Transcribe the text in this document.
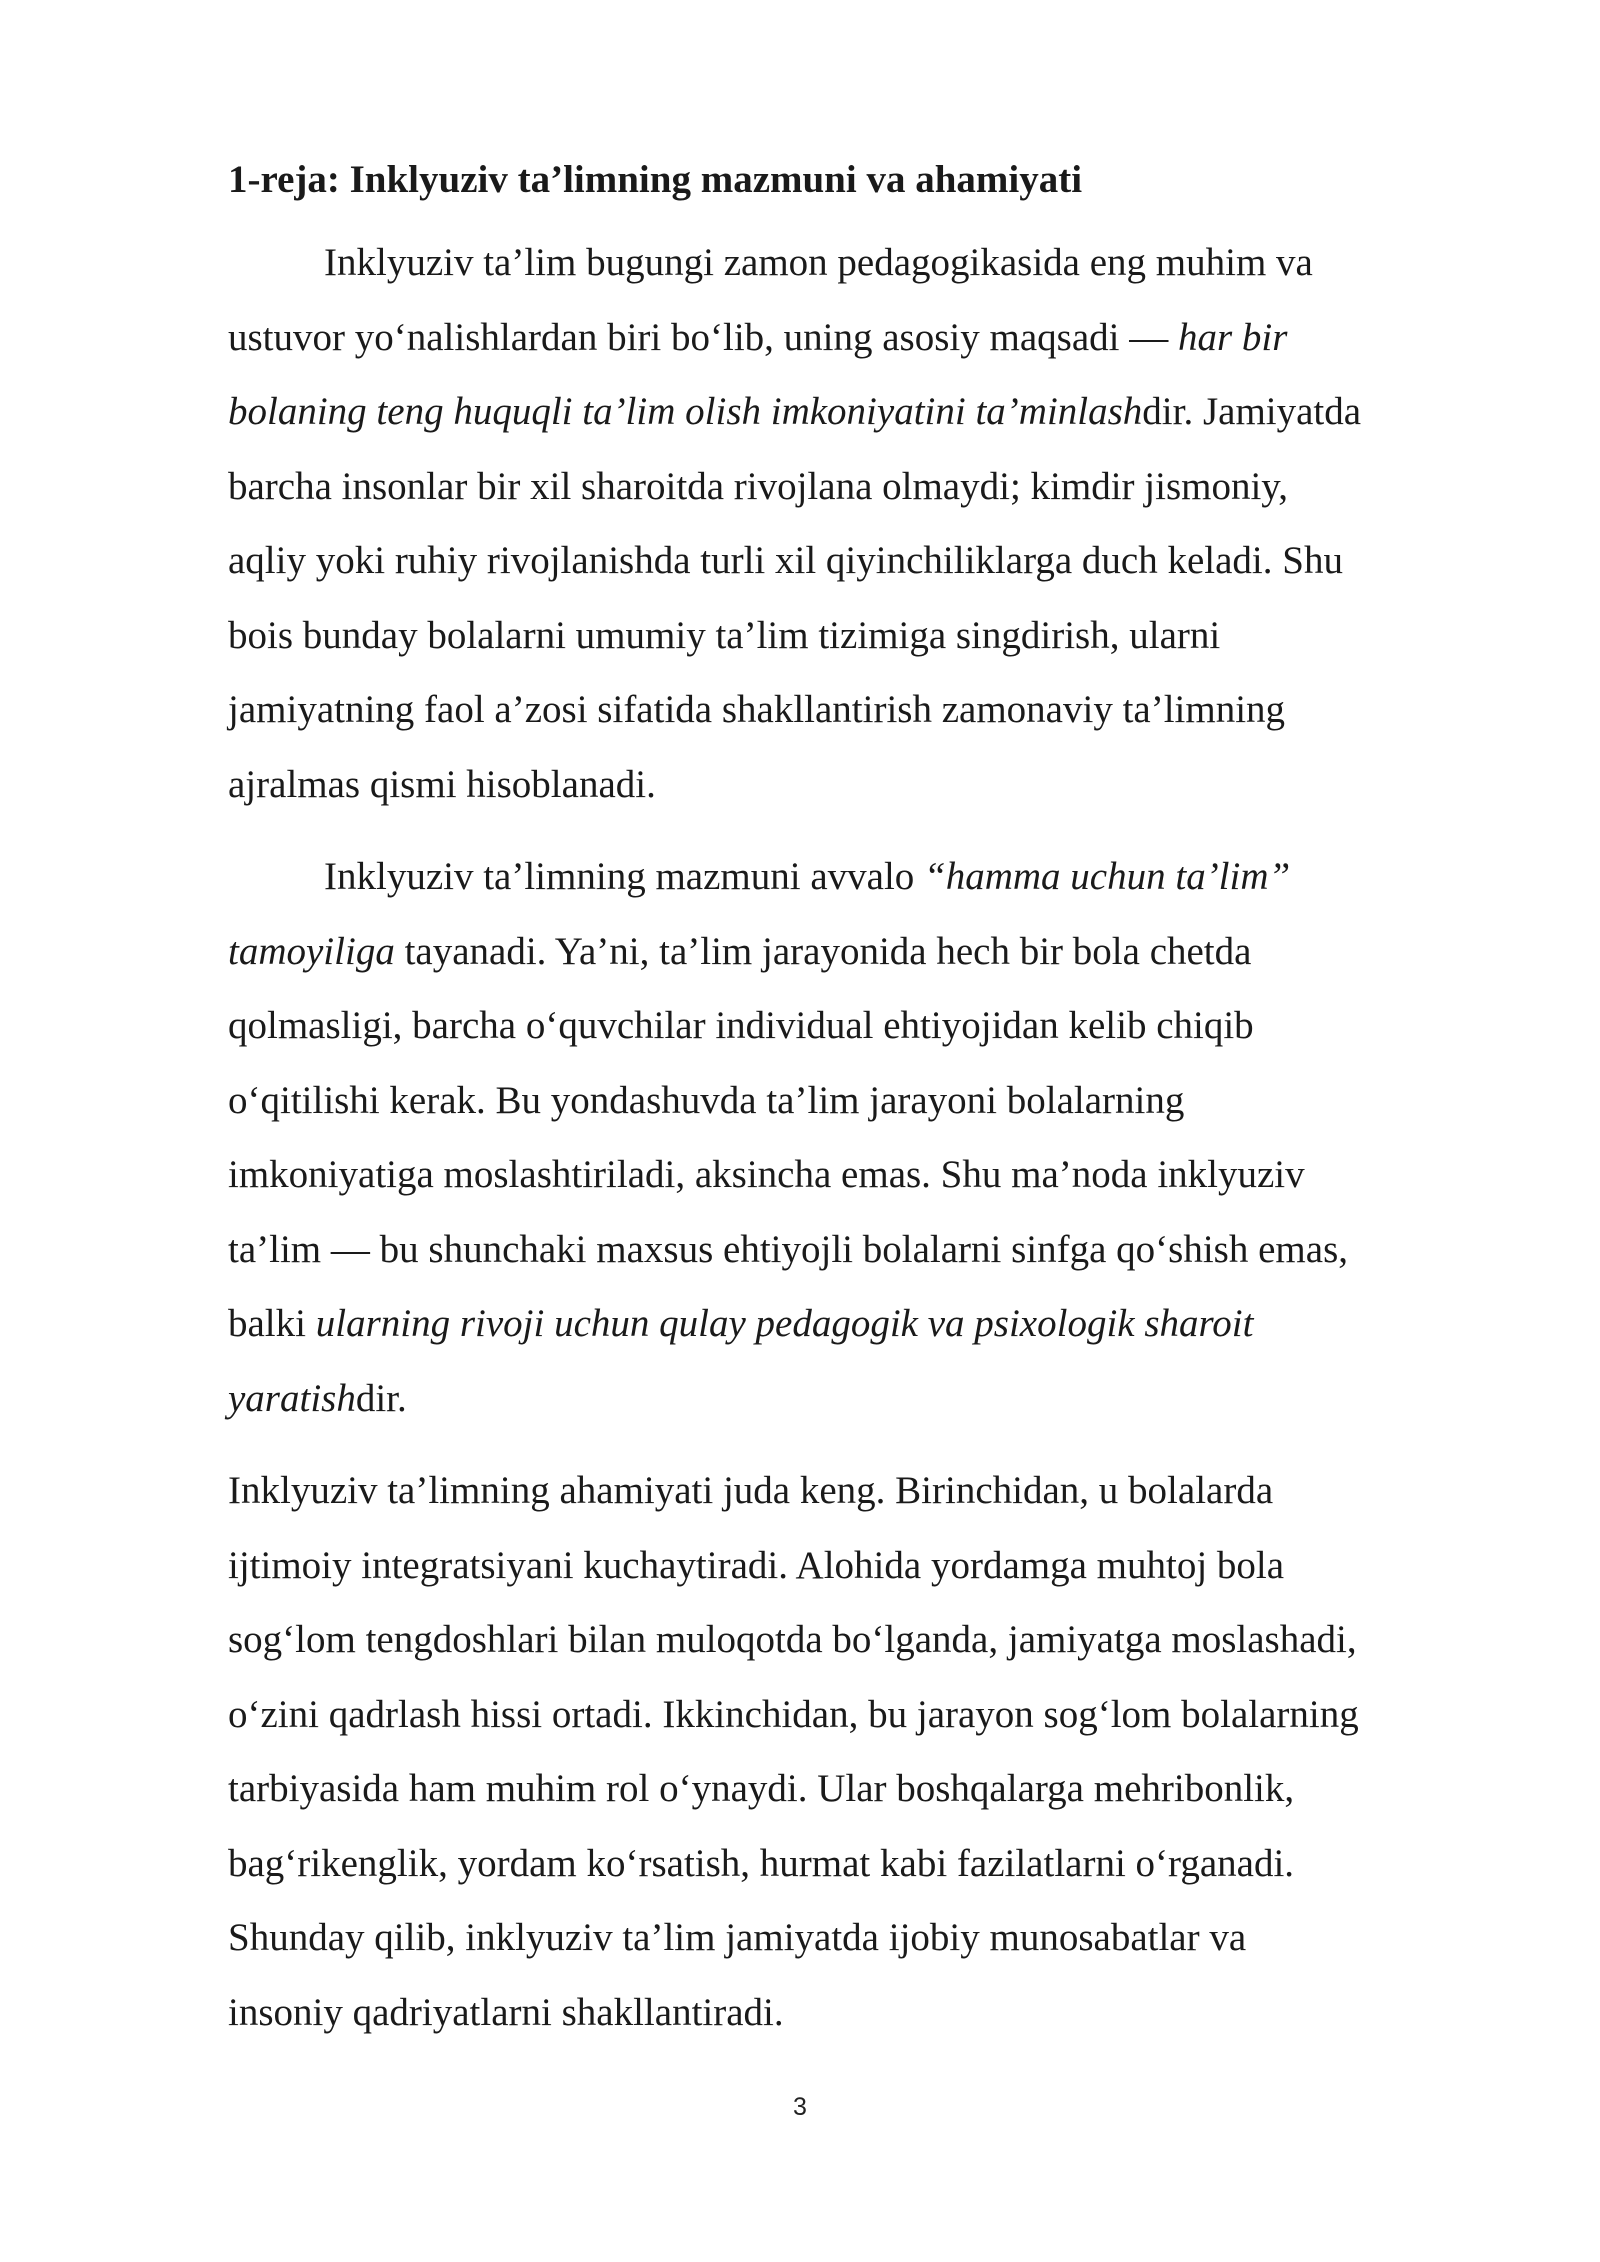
1-reja: Inklyuziv ta’limning mazmuni va ahamiyati

Inklyuziv ta’lim bugungi zamon pedagogikasida eng muhim va
ustuvor yo‘nalishlardan biri bo‘lib, uning asosiy maqsadi — har bir
bolaning teng huquqli ta’lim olish imkoniyatini ta’minlashdir. Jamiyatda
barcha insonlar bir xil sharoitda rivojlana olmaydi; kimdir jismoniy,
aqliy yoki ruhiy rivojlanishda turli xil qiyinchiliklarga duch keladi. Shu
bois bunday bolalarni umumiy ta’lim tizimiga singdirish, ularni
jamiyatning faol a’zosi sifatida shakllantirish zamonaviy ta’limning
ajralmas qismi hisoblanadi.

Inklyuziv ta’limning mazmuni avvalo “hamma uchun ta’lim”
tamoyiliga tayanadi. Ya’ni, ta’lim jarayonida hech bir bola chetda
qolmasligi, barcha o‘quvchilar individual ehtiyojidan kelib chiqib
o‘qitilishi kerak. Bu yondashuvda ta’lim jarayoni bolalarning
imkoniyatiga moslashtiriladi, aksincha emas. Shu ma’noda inklyuziv
ta’lim — bu shunchaki maxsus ehtiyojli bolalarni sinfga qo‘shish emas,
balki ularning rivoji uchun qulay pedagogik va psixologik sharoit
yaratishdir.

Inklyuziv ta’limning ahamiyati juda keng. Birinchidan, u bolalarda
ijtimoiy integratsiyani kuchaytiradi. Alohida yordamga muhtoj bola
sog‘lom tengdoshlari bilan muloqotda bo‘lganda, jamiyatga moslashadi,
o‘zini qadrlash hissi ortadi. Ikkinchidan, bu jarayon sog‘lom bolalarning
tarbiyasida ham muhim rol o‘ynaydi. Ular boshqalarga mehribonlik,
bag‘rikenglik, yordam ko‘rsatish, hurmat kabi fazilatlarni o‘rganadi.
Shunday qilib, inklyuziv ta’lim jamiyatda ijobiy munosabatlar va
insoniy qadriyatlarni shakllantiradi.

3
